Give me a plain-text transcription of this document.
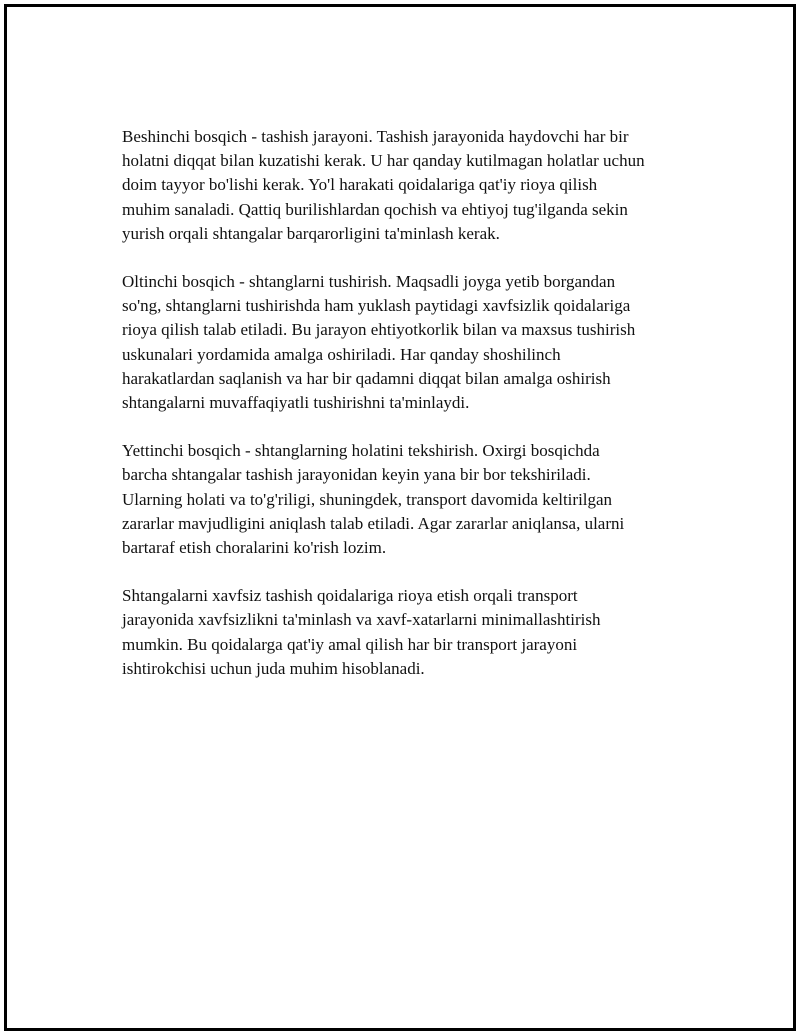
Beshinchi bosqich - tashish jarayoni. Tashish jarayonida haydovchi har bir
holatni diqqat bilan kuzatishi kerak. U har qanday kutilmagan holatlar uchun
doim tayyor bo'lishi kerak. Yo'l harakati qoidalariga qat'iy rioya qilish
muhim sanaladi. Qattiq burilishlardan qochish va ehtiyoj tug'ilganda sekin
yurish orqali shtangalar barqarorligini ta'minlash kerak.

Oltinchi bosqich - shtanglarni tushirish. Maqsadli joyga yetib borgandan
so'ng, shtanglarni tushirishda ham yuklash paytidagi xavfsizlik qoidalariga
rioya qilish talab etiladi. Bu jarayon ehtiyotkorlik bilan va maxsus tushirish
uskunalari yordamida amalga oshiriladi. Har qanday shoshilinch
harakatlardan saqlanish va har bir qadamni diqqat bilan amalga oshirish
shtangalarni muvaffaqiyatli tushirishni ta'minlaydi.

Yettinchi bosqich - shtanglarning holatini tekshirish. Oxirgi bosqichda
barcha shtangalar tashish jarayonidan keyin yana bir bor tekshiriladi.
Ularning holati va to'g'riligi, shuningdek, transport davomida keltirilgan
zararlar mavjudligini aniqlash talab etiladi. Agar zararlar aniqlansa, ularni
bartaraf etish choralarini ko'rish lozim.

Shtangalarni xavfsiz tashish qoidalariga rioya etish orqali transport
jarayonida xavfsizlikni ta'minlash va xavf-xatarlarni minimallashtirish
mumkin. Bu qoidalarga qat'iy amal qilish har bir transport jarayoni
ishtirokchisi uchun juda muhim hisoblanadi.
